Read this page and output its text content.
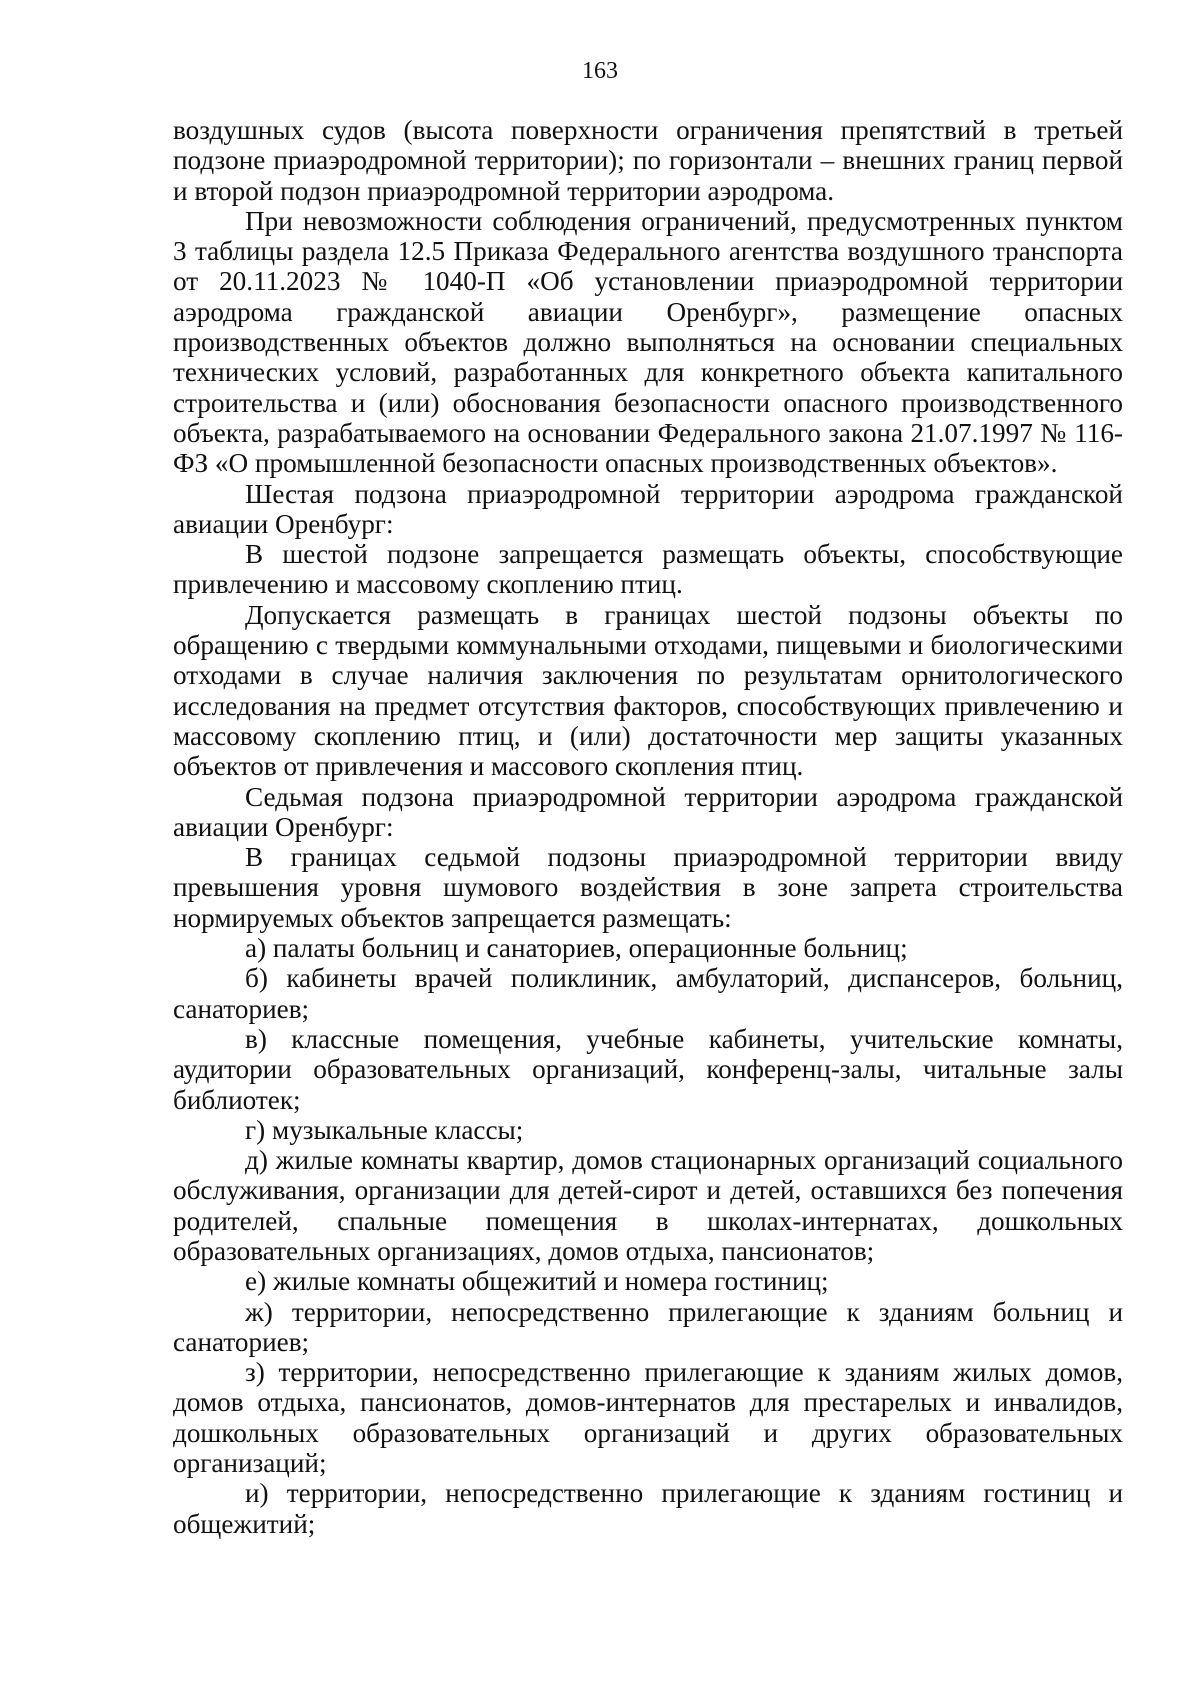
163

воздушных судов (высота поверхности ограничения препятствий в третьей подзоне приаэродромной территории); по горизонтали – внешних границ первой и второй подзон приаэродромной территории аэродрома.

При невозможности соблюдения ограничений, предусмотренных пунктом 3 таблицы раздела 12.5 Приказа Федерального агентства воздушного транспорта от 20.11.2023 № 1040-П «Об установлении приаэродромной территории аэродрома гражданской авиации Оренбург», размещение опасных производственных объектов должно выполняться на основании специальных технических условий, разработанных для конкретного объекта капитального строительства и (или) обоснования безопасности опасного производственного объекта, разрабатываемого на основании Федерального закона 21.07.1997 № 116-ФЗ «О промышленной безопасности опасных производственных объектов».

Шестая подзона приаэродромной территории аэродрома гражданской авиации Оренбург:

В шестой подзоне запрещается размещать объекты, способствующие привлечению и массовому скоплению птиц.

Допускается размещать в границах шестой подзоны объекты по обращению с твердыми коммунальными отходами, пищевыми и биологическими отходами в случае наличия заключения по результатам орнитологического исследования на предмет отсутствия факторов, способствующих привлечению и массовому скоплению птиц, и (или) достаточности мер защиты указанных объектов от привлечения и массового скопления птиц.

Седьмая подзона приаэродромной территории аэродрома гражданской авиации Оренбург:

В границах седьмой подзоны приаэродромной территории ввиду превышения уровня шумового воздействия в зоне запрета строительства нормируемых объектов запрещается размещать:

а) палаты больниц и санаториев, операционные больниц;

б) кабинеты врачей поликлиник, амбулаторий, диспансеров, больниц, санаториев;

в) классные помещения, учебные кабинеты, учительские комнаты, аудитории образовательных организаций, конференц-залы, читальные залы библиотек;

г) музыкальные классы;

д) жилые комнаты квартир, домов стационарных организаций социального обслуживания, организации для детей-сирот и детей, оставшихся без попечения родителей, спальные помещения в школах-интернатах, дошкольных образовательных организациях, домов отдыха, пансионатов;

е) жилые комнаты общежитий и номера гостиниц;

ж) территории, непосредственно прилегающие к зданиям больниц и санаториев;

з) территории, непосредственно прилегающие к зданиям жилых домов, домов отдыха, пансионатов, домов-интернатов для престарелых и инвалидов, дошкольных образовательных организаций и других образовательных организаций;

и) территории, непосредственно прилегающие к зданиям гостиниц и общежитий;
